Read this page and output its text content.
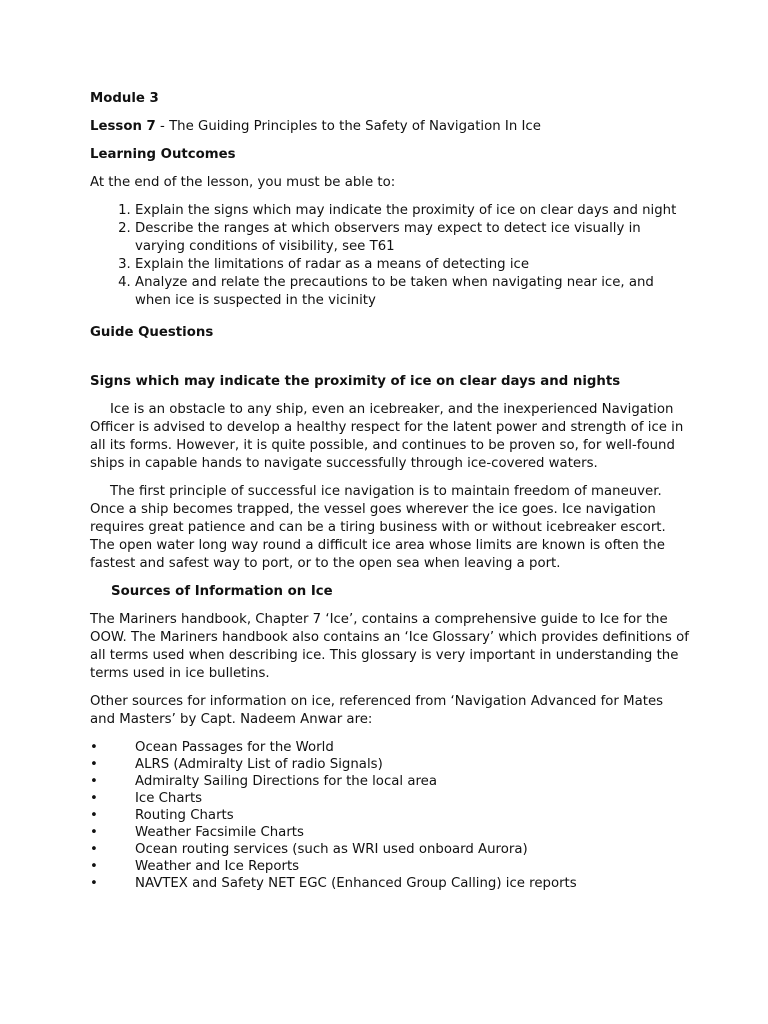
Module 3
Lesson 7 - The Guiding Principles to the Safety of Navigation In Ice
Learning Outcomes

At the end of the lesson, you must be able to:

1. Explain the signs which may indicate the proximity of ice on clear days and night
2. Describe the ranges at which observers may expect to detect ice visually in varying conditions of visibility, see T61
3. Explain the limitations of radar as a means of detecting ice
4. Analyze and relate the precautions to be taken when navigating near ice, and when ice is suspected in the vicinity
Guide Questions
Signs which may indicate the proximity of ice on clear days and nights

Ice is an obstacle to any ship, even an icebreaker, and the inexperienced Navigation Officer is advised to develop a healthy respect for the latent power and strength of ice in all its forms. However, it is quite possible, and continues to be proven so, for well-found ships in capable hands to navigate successfully through ice-covered waters.

The first principle of successful ice navigation is to maintain freedom of maneuver. Once a ship becomes trapped, the vessel goes wherever the ice goes. Ice navigation requires great patience and can be a tiring business with or without icebreaker escort. The open water long way round a difficult ice area whose limits are known is often the fastest and safest way to port, or to the open sea when leaving a port.

Sources of Information on Ice

The Mariners handbook, Chapter 7 ‘Ice’, contains a comprehensive guide to Ice for the OOW. The Mariners handbook also contains an ‘Ice Glossary’ which provides definitions of all terms used when describing ice. This glossary is very important in understanding the terms used in ice bulletins.

Other sources for information on ice, referenced from ‘Navigation Advanced for Mates and Masters’ by Capt. Nadeem Anwar are:

•	Ocean Passages for the World
•	ALRS (Admiralty List of radio Signals)
•	Admiralty Sailing Directions for the local area
•	Ice Charts
•	Routing Charts
•	Weather Facsimile Charts
•	Ocean routing services (such as WRI used onboard Aurora)
•	Weather and Ice Reports
•	NAVTEX and Safety NET EGC (Enhanced Group Calling) ice reports
